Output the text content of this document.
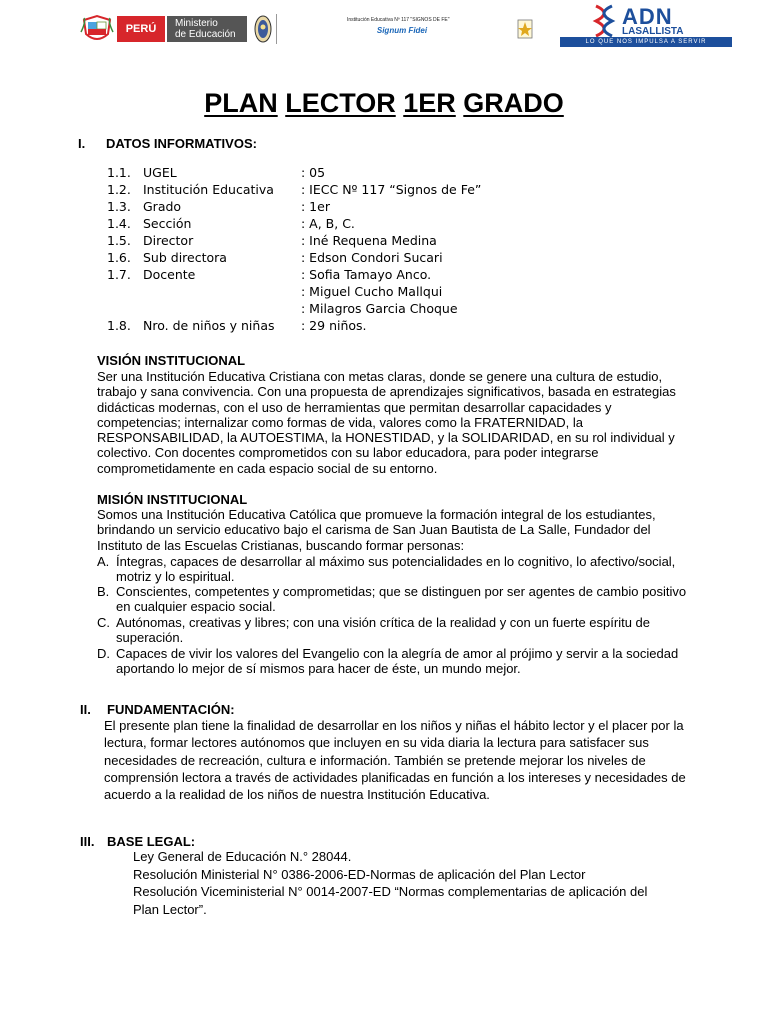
PERÚ	Ministerio
de Educación
Institución Educativa Nº 117 "SIGNOS DE FE"
Signum Fidei
ADN
LASALLISTA
LO QUE NOS IMPULSA A SERVIR
PLAN LECTOR 1ER GRADO
I. DATOS INFORMATIVOS:
1.1. UGEL	: 05
1.2. Institución Educativa : IECC Nº 117 “Signos de Fe”
1.3. Grado	: 1er
1.4. Sección	: A, B, C.
1.5. Director	: Iné Requena Medina
1.6. Sub directora	: Edson Condori Sucari
1.7. Docente	: Sofia Tamayo Anco.
: Miguel Cucho Mallqui
: Milagros Garcia Choque
1.8. Nro. de niños y niñas : 29 niños.
VISIÓN INSTITUCIONAL

Ser una Institución Educativa Cristiana con metas claras, donde se genere una cultura de estudio, trabajo y sana convivencia. Con una propuesta de aprendizajes significativos, basada en estrategias didácticas modernas, con el uso de herramientas que permitan desarrollar capacidades y competencias; internalizar como formas de vida, valores como la FRATERNIDAD, la RESPONSABILIDAD, la AUTOESTIMA, la HONESTIDAD, y la SOLIDARIDAD, en su rol individual y colectivo. Con docentes comprometidos con su labor educadora, para poder integrarse comprometidamente en cada espacio social de su entorno.

MISIÓN INSTITUCIONAL

Somos una Institución Educativa Católica que promueve la formación integral de los estudiantes, brindando un servicio educativo bajo el carisma de San Juan Bautista de La Salle, Fundador del Instituto de las Escuelas Cristianas, buscando formar personas:

A. Íntegras, capaces de desarrollar al máximo sus potencialidades en lo cognitivo, lo afectivo/social, motriz y lo espiritual.
B. Conscientes, competentes y comprometidas; que se distinguen por ser agentes de cambio positivo en cualquier espacio social.
C. Autónomas, creativas y libres; con una visión crítica de la realidad y con un fuerte espíritu de superación.
D. Capaces de vivir los valores del Evangelio con la alegría de amor al prójimo y servir a la sociedad aportando lo mejor de sí mismos para hacer de éste, un mundo mejor.
II. FUNDAMENTACIÓN:

El presente plan tiene la finalidad de desarrollar en los niños y niñas el hábito lector y el placer por la lectura, formar lectores autónomos que incluyen en su vida diaria la lectura para satisfacer sus necesidades de recreación, cultura e información. También se pretende mejorar los niveles de comprensión lectora a través de actividades planificadas en función a los intereses y necesidades de acuerdo a la realidad de los niños de nuestra Institución Educativa.

III. BASE LEGAL:
Ley General de Educación N.° 28044.
Resolución Ministerial N° 0386-2006-ED-Normas de aplicación del Plan Lector
Resolución Viceministerial N° 0014-2007-ED “Normas complementarias de aplicación del
Plan Lector”.
